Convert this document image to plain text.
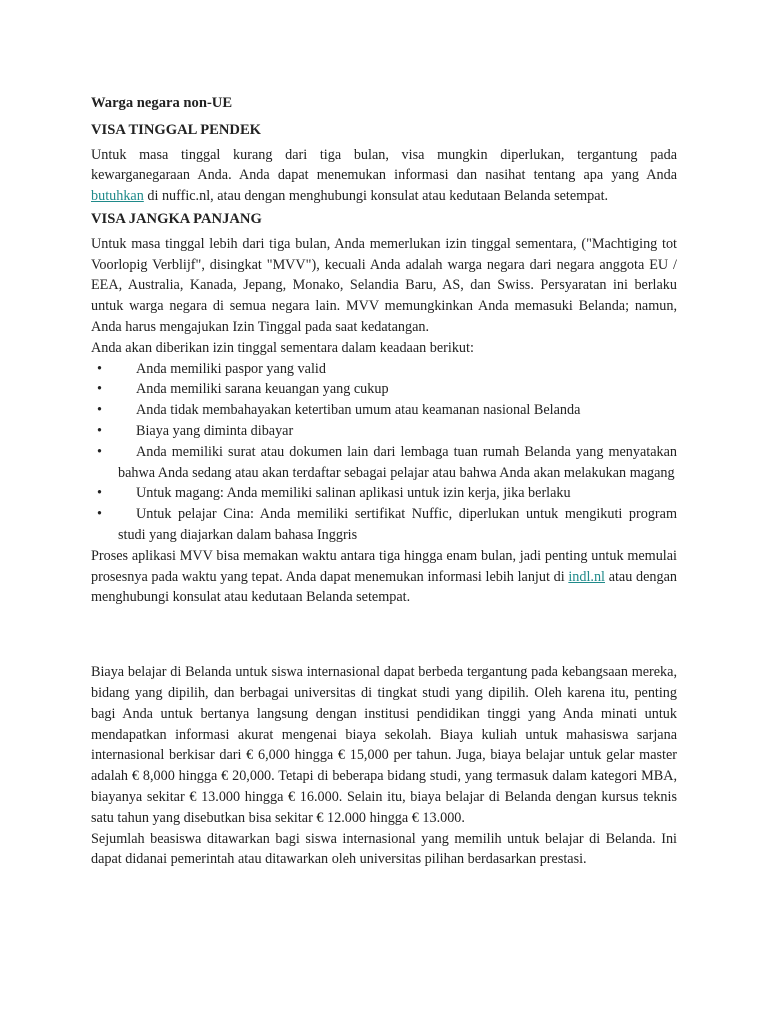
Warga negara non-UE
VISA TINGGAL PENDEK

Untuk masa tinggal kurang dari tiga bulan, visa mungkin diperlukan, tergantung pada kewarganegaraan Anda. Anda dapat menemukan informasi dan nasihat tentang apa yang Anda butuhkan di nuffic.nl, atau dengan menghubungi konsulat atau kedutaan Belanda setempat.

VISA JANGKA PANJANG

Untuk masa tinggal lebih dari tiga bulan, Anda memerlukan izin tinggal sementara, ("Machtiging tot Voorlopig Verblijf", disingkat "MVV"), kecuali Anda adalah warga negara dari negara anggota EU / EEA, Australia, Kanada, Jepang, Monako, Selandia Baru, AS, dan Swiss. Persyaratan ini berlaku untuk warga negara di semua negara lain. MVV memungkinkan Anda memasuki Belanda; namun, Anda harus mengajukan Izin Tinggal pada saat kedatangan.

Anda akan diberikan izin tinggal sementara dalam keadaan berikut:

• Anda memiliki paspor yang valid
• Anda memiliki sarana keuangan yang cukup
• Anda tidak membahayakan ketertiban umum atau keamanan nasional Belanda
• Biaya yang diminta dibayar
• Anda memiliki surat atau dokumen lain dari lembaga tuan rumah Belanda yang menyatakan bahwa Anda sedang atau akan terdaftar sebagai pelajar atau bahwa Anda akan melakukan magang
• Untuk magang: Anda memiliki salinan aplikasi untuk izin kerja, jika berlaku
• Untuk pelajar Cina: Anda memiliki sertifikat Nuffic, diperlukan untuk mengikuti program studi yang diajarkan dalam bahasa Inggris

Proses aplikasi MVV bisa memakan waktu antara tiga hingga enam bulan, jadi penting untuk memulai prosesnya pada waktu yang tepat. Anda dapat menemukan informasi lebih lanjut di indl.nl atau dengan menghubungi konsulat atau kedutaan Belanda setempat.

Biaya belajar di Belanda untuk siswa internasional dapat berbeda tergantung pada kebangsaan mereka, bidang yang dipilih, dan berbagai universitas di tingkat studi yang dipilih. Oleh karena itu, penting bagi Anda untuk bertanya langsung dengan institusi pendidikan tinggi yang Anda minati untuk mendapatkan informasi akurat mengenai biaya sekolah. Biaya kuliah untuk mahasiswa sarjana internasional berkisar dari € 6,000 hingga € 15,000 per tahun. Juga, biaya belajar untuk gelar master adalah € 8,000 hingga € 20,000. Tetapi di beberapa bidang studi, yang termasuk dalam kategori MBA, biayanya sekitar € 13.000 hingga € 16.000. Selain itu, biaya belajar di Belanda dengan kursus teknis satu tahun yang disebutkan bisa sekitar € 12.000 hingga € 13.000.

Sejumlah beasiswa ditawarkan bagi siswa internasional yang memilih untuk belajar di Belanda. Ini dapat didanai pemerintah atau ditawarkan oleh universitas pilihan berdasarkan prestasi.
